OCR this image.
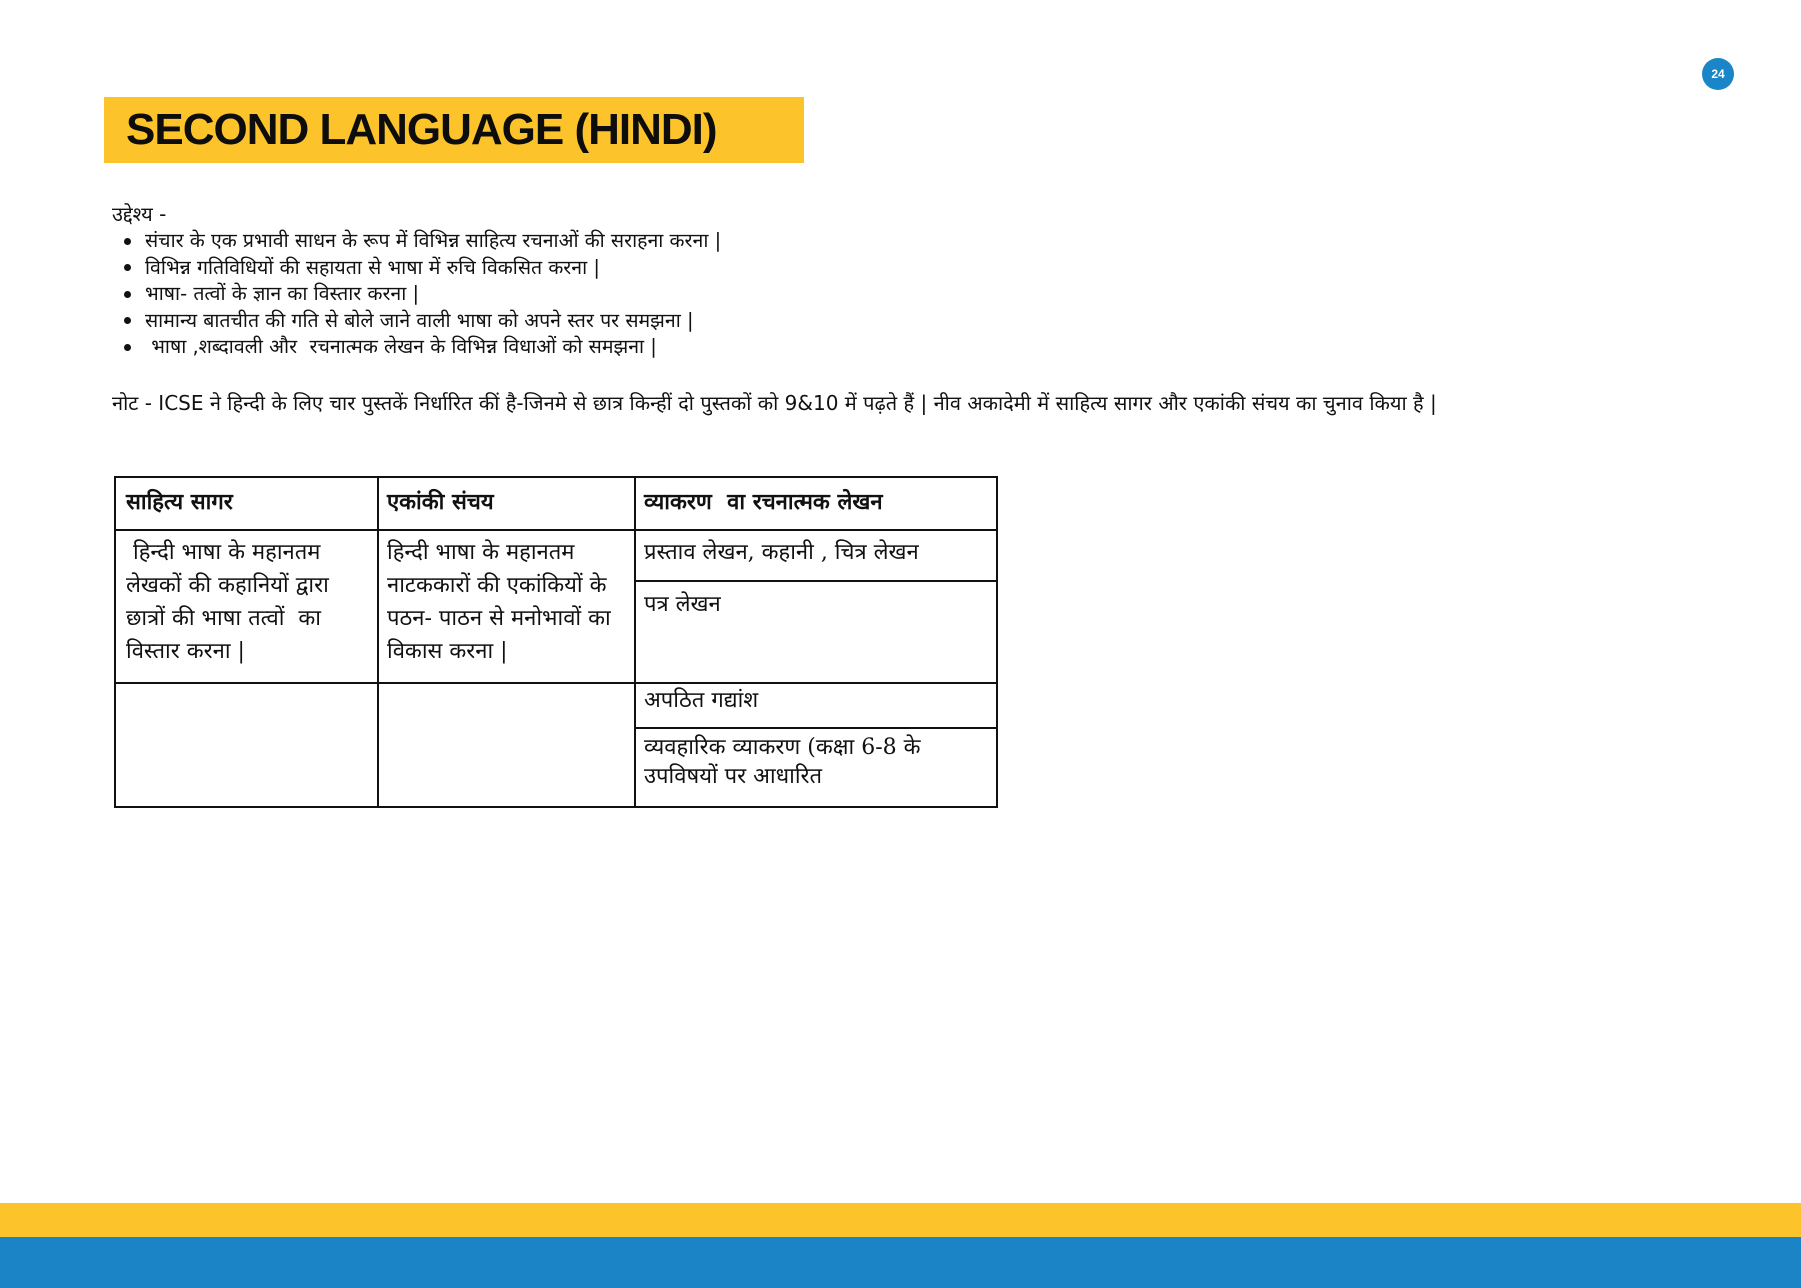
24
SECOND LANGUAGE (HINDI)
उद्देश्य -
संचार के एक प्रभावी साधन के रूप में विभिन्न साहित्य रचनाओं की सराहना करना |
विभिन्न गतिविधियों की सहायता से भाषा में रुचि विकसित करना |
भाषा- तत्वों के ज्ञान का विस्तार करना |
सामान्य बातचीत की गति से बोले जाने वाली भाषा को अपने स्तर पर समझना |
भाषा ,शब्दावली और  रचनात्मक लेखन के विभिन्न विधाओं को समझना |
नोट - ICSE ने हिन्दी के लिए चार पुस्तकें निर्धारित कीं है-जिनमे से छात्र किन्हीं दो पुस्तकों को 9&10 में पढ़ते हैं | नीव अकादेमी में साहित्य सागर और एकांकी संचय का चुनाव किया है |
साहित्य सागर	एकांकी संचय	व्याकरण  वा रचनात्मक लेखन
हिन्दी भाषा के महानतम लेखकों की कहानियों द्वारा छात्रों की भाषा तत्वों  का विस्तार करना |
हिन्दी भाषा के महानतम नाटककारों की एकांकियों के पठन- पाठन से मनोभावों का विकास करना |
प्रस्ताव लेखन, कहानी , चित्र लेखन
पत्र लेखन
अपठित गद्यांश
व्यवहारिक व्याकरण (कक्षा 6-8 के उपविषयों पर आधारित
